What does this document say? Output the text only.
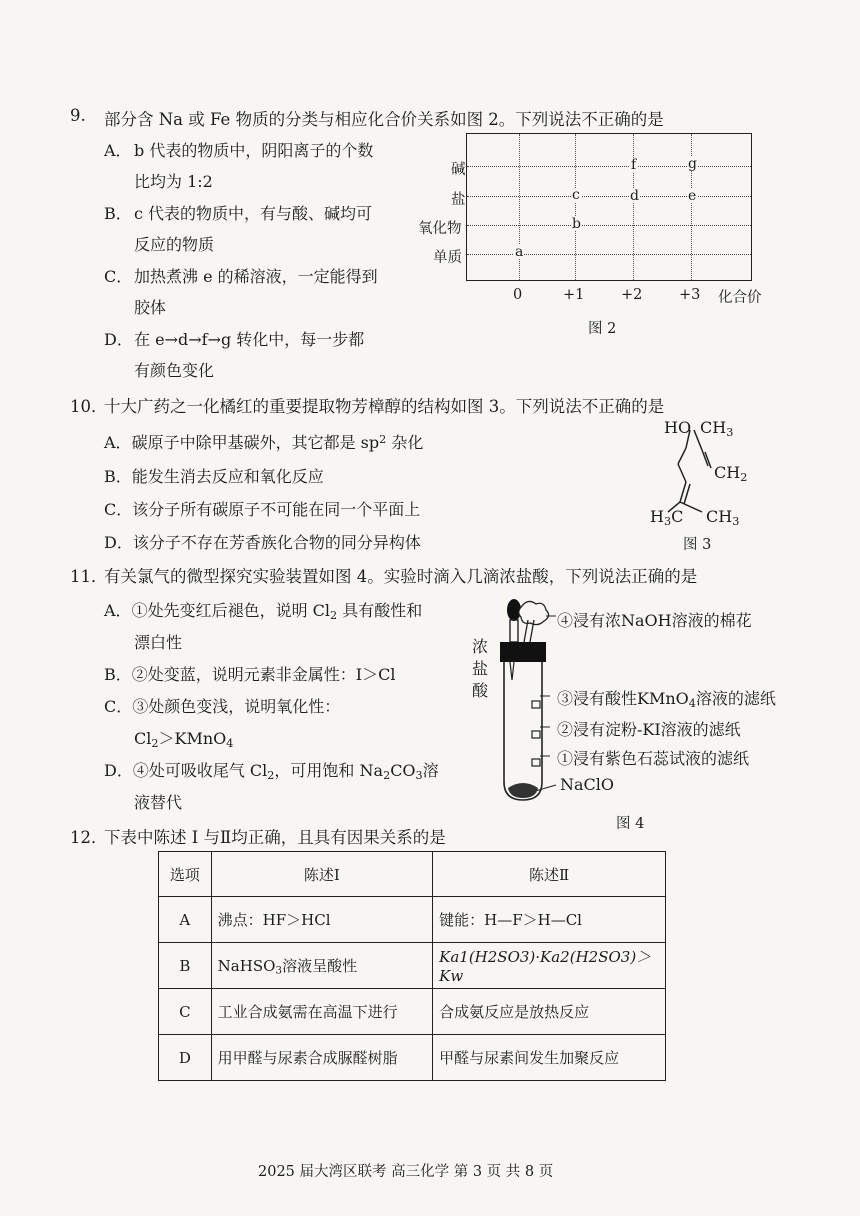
9. 部分含 Na 或 Fe 物质的分类与相应化合价关系如图 2。下列说法不正确的是
A． b 代表的物质中，阴阳离子的个数
比均为 1:2
B． c 代表的物质中，有与酸、碱均可
反应的物质
C． 加热煮沸 e 的稀溶液，一定能得到
胶体
D． 在 e→d→f→g 转化中，每一步都
有颜色变化
f	g
c	d	e
b
a
碱
盐
氧化物
单质
0	+1	+2	+3 化合价
图 2
10．
十大广药之一化橘红的重要提取物芳樟醇的结构如图 3。下列说法不正确的是
A．碳原子中除甲基碳外，其它都是 $sp^2$ 杂化
B．能发生消去反应和氧化反应
C．该分子所有碳原子不可能在同一个平面上
D．该分子不存在芳香族化合物的同分异构体
HO $CH_3$
$CH_2$
$H_3C$ $CH_3$
图 3
11．
有关氯气的微型探究实验装置如图 4。实验时滴入几滴浓盐酸，下列说法正确的是
A．①处先变红后褪色，说明 $Cl_2$ 具有酸性和
漂白性
B．②处变蓝，说明元素非金属性：I＞Cl
C．③处颜色变浅，说明氧化性：
$Cl_2>KMnO_4$
D．④处可吸收尾气 $Cl_2$，可用饱和 $Na_2CO_3$溶
液替代
浓
盐
酸
④浸有浓NaOH溶液的棉花
③浸有酸性KMnO$_4$溶液的滤纸
②浸有淀粉-KI溶液的滤纸
①浸有紫色石蕊试液的滤纸
NaClO
图 4
12．
下表中陈述 I 与Ⅱ均正确，且具有因果关系的是
选项	陈述Ⅰ	陈述Ⅱ
A	沸点：HF＞HCl	键能：H—F＞H—Cl
B	NaHSO$_3$溶液呈酸性	Ka1(H2SO3)·Ka2(H2SO3)＞Kw
C	工业合成氨需在高温下进行	合成氨反应是放热反应
D	用甲醛与尿素合成脲醛树脂	甲醛与尿素间发生加聚反应
2025 届大湾区联考 高三化学 第 3 页 共 8 页
